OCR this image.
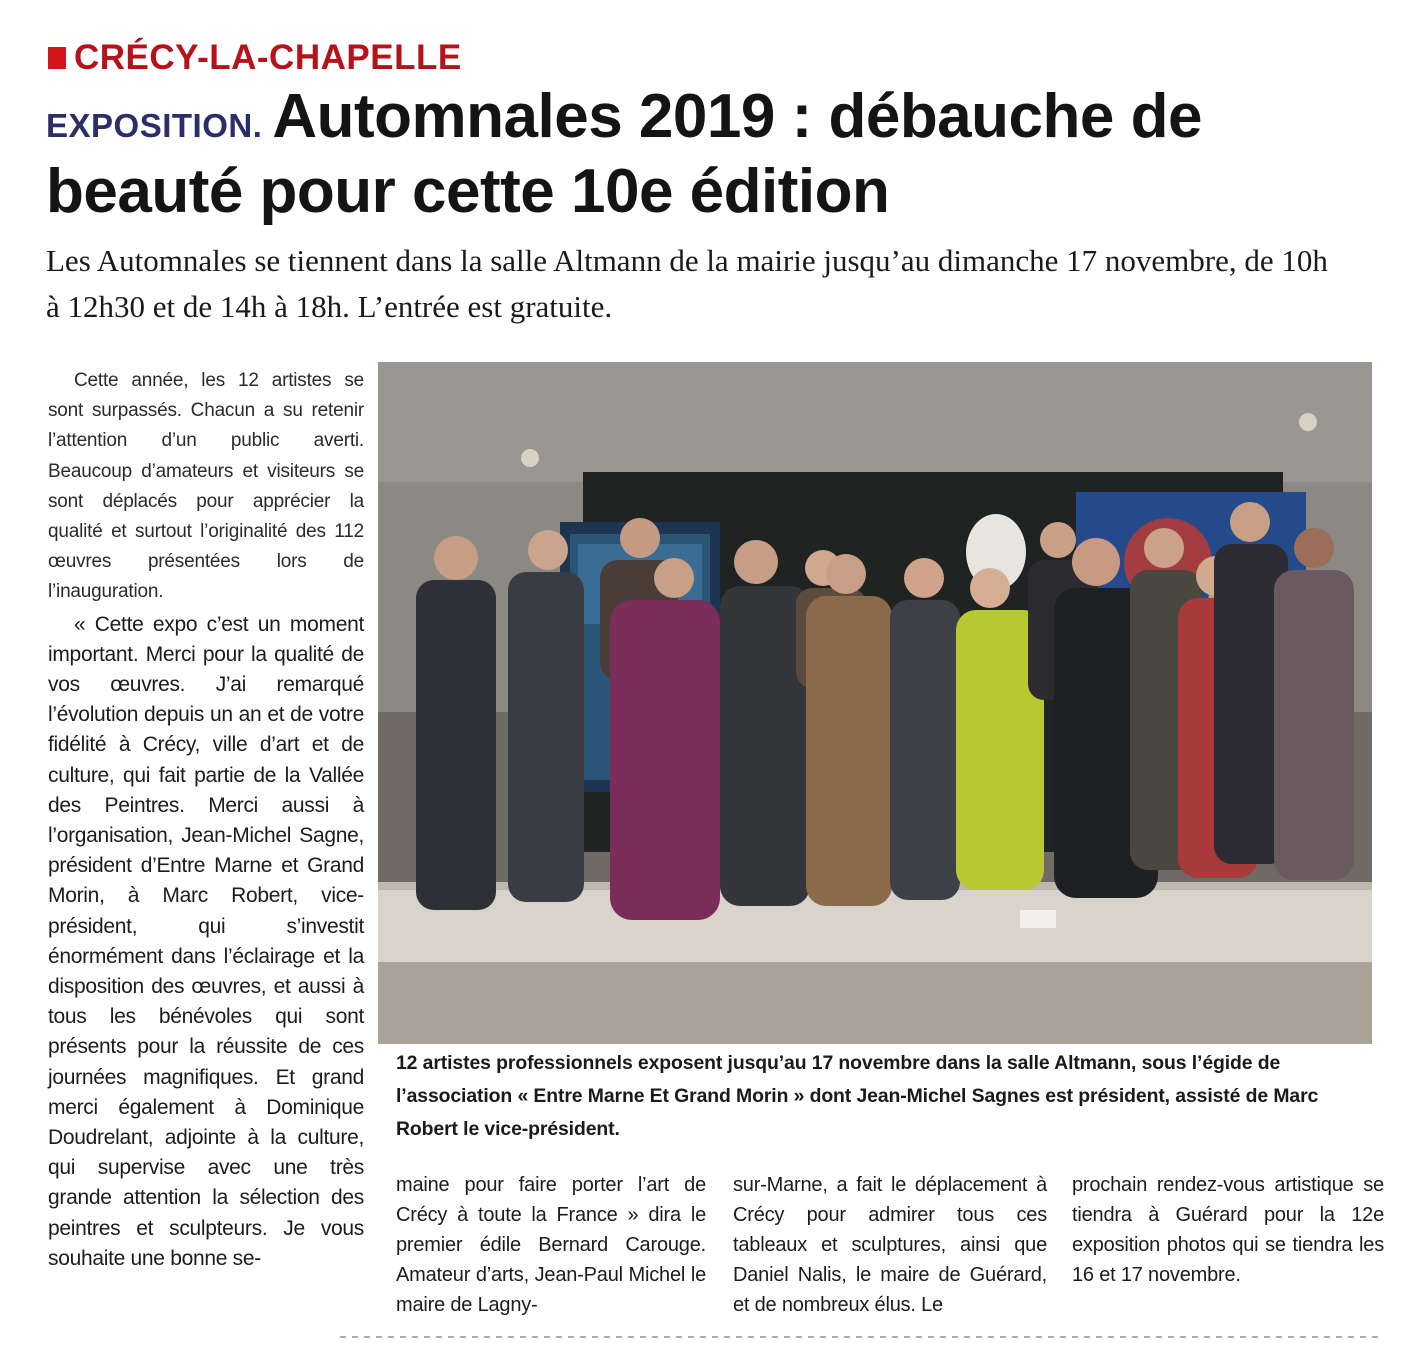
CRÉCY-LA-CHAPELLE
EXPOSITION. Automnales 2019 : débauche de beauté pour cette 10e édition

Les Automnales se tiennent dans la salle Altmann de la mairie jusqu’au dimanche 17 novembre, de 10h à 12h30 et de 14h à 18h. L’entrée est gratuite.

Cette année, les 12 artistes se sont surpassés. Chacun a su retenir l’attention d’un public averti. Beaucoup d’amateurs et visiteurs se sont déplacés pour apprécier la qualité et surtout l’originalité des 112 œuvres présentées lors de l’inauguration.

« Cette expo c’est un moment important. Merci pour la qualité de vos œuvres. J’ai remarqué l’évolution depuis un an et de votre fidélité à Crécy, ville d’art et de culture, qui fait partie de la Vallée des Peintres. Merci aussi à l’organisation, Jean-Michel Sagne, président d’Entre Marne et Grand Morin, à Marc Robert, vice-président, qui s’investit énormément dans l’éclairage et la disposition des œuvres, et aussi à tous les bénévoles qui sont présents pour la réussite de ces journées magnifiques. Et grand merci également à Dominique Doudrelant, adjointe à la culture, qui supervise avec une très grande attention la sélection des peintres et sculpteurs. Je vous souhaite une bonne se-

12 artistes professionnels exposent jusqu’au 17 novembre dans la salle Altmann, sous l’égide de l’association « Entre Marne Et Grand Morin » dont Jean-Michel Sagnes est président, assisté de Marc Robert le vice-président.

maine pour faire porter l’art de Crécy à toute la France » dira le premier édile Bernard Carouge. Amateur d’arts, Jean-Paul Michel le maire de Lagny-

sur-Marne, a fait le déplacement à Crécy pour admirer tous ces tableaux et sculptures, ainsi que Daniel Nalis, le maire de Guérard, et de nombreux élus. Le

prochain rendez-vous artistique se tiendra à Guérard pour la 12e exposition photos qui se tiendra les 16 et 17 novembre.
